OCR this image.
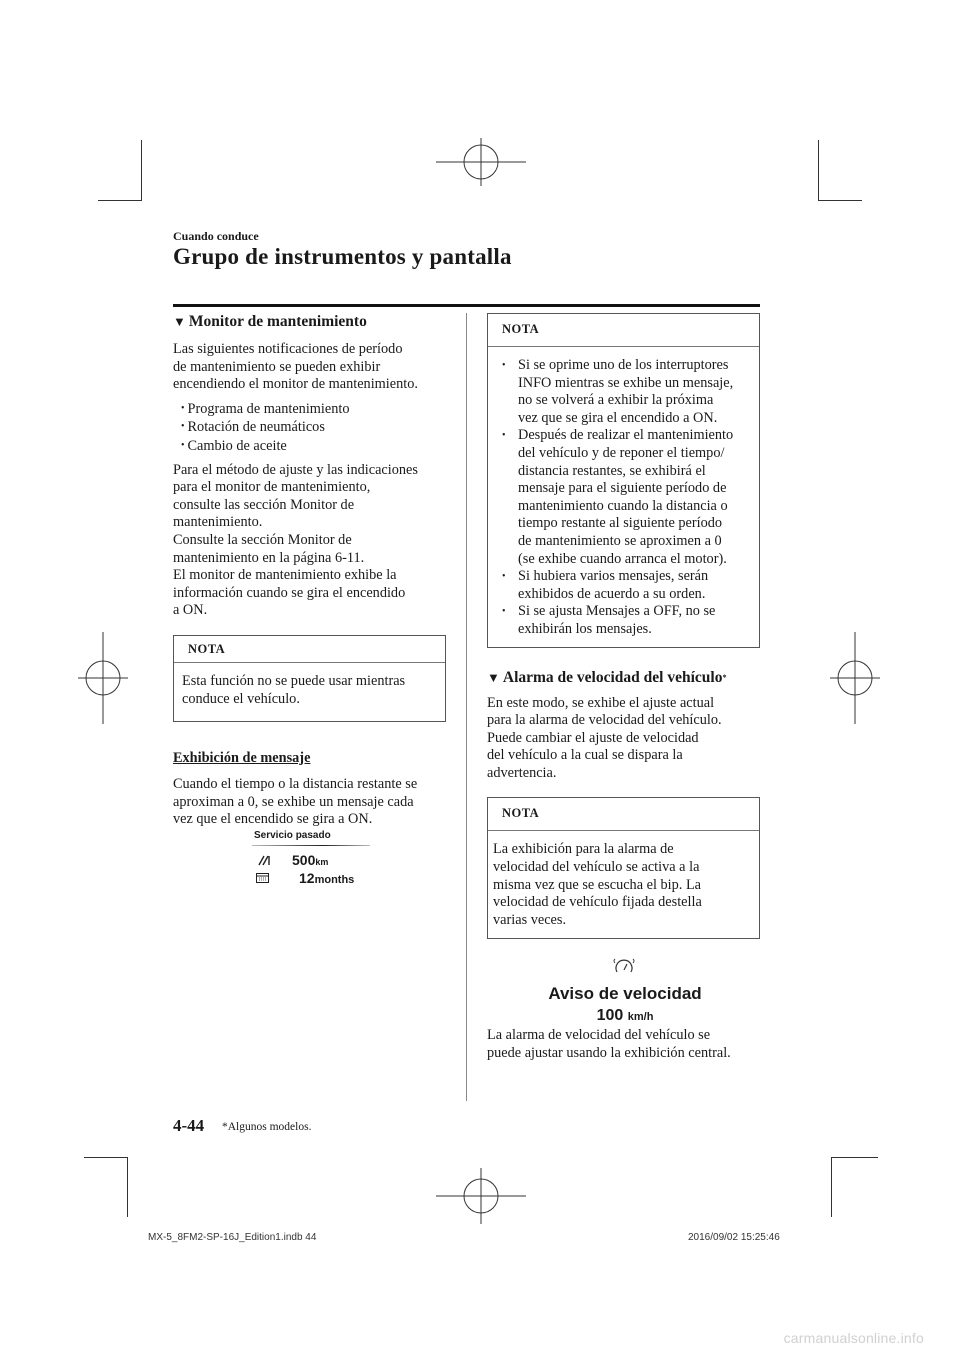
Cuando conduce
Grupo de instrumentos y pantalla
▼ Monitor de mantenimiento

Las siguientes notificaciones de período
de mantenimiento se pueden exhibir
encendiendo el monitor de mantenimiento.

• Programa de mantenimiento
• Rotación de neumáticos
• Cambio de aceite

Para el método de ajuste y las indicaciones
para el monitor de mantenimiento,
consulte las sección Monitor de
mantenimiento.
Consulte la sección Monitor de
mantenimiento en la página 6-11.
El monitor de mantenimiento exhibe la
información cuando se gira el encendido
a ON.

NOTA
Esta función no se puede usar mientras
conduce el vehículo.
Exhibición de mensaje

Cuando el tiempo o la distancia restante se
aproximan a 0, se exhibe un mensaje cada
vez que el encendido se gira a ON.

Servicio pasado
500km
12months
NOTA
• Si se oprime uno de los interruptores
INFO mientras se exhibe un mensaje,
no se volverá a exhibir la próxima
vez que se gira el encendido a ON.
• Después de realizar el mantenimiento
del vehículo y de reponer el tiempo/
distancia restantes, se exhibirá el
mensaje para el siguiente período de
mantenimiento cuando la distancia o
tiempo restante al siguiente período
de mantenimiento se aproximen a 0
(se exhibe cuando arranca el motor).
• Si hubiera varios mensajes, serán
exhibidos de acuerdo a su orden.
• Si se ajusta Mensajes a OFF, no se
exhibirán los mensajes.
▼ Alarma de velocidad del vehículo *

En este modo, se exhibe el ajuste actual
para la alarma de velocidad del vehículo.
Puede cambiar el ajuste de velocidad
del vehículo a la cual se dispara la
advertencia.

NOTA
La exhibición para la alarma de
velocidad del vehículo se activa a la
misma vez que se escucha el bip. La
velocidad de vehículo fijada destella
varias veces.
Aviso de velocidad
100 km/h

La alarma de velocidad del vehículo se
puede ajustar usando la exhibición central.

4-44 *Algunos modelos.
MX-5_8FM2-SP-16J_Edition1.indb 44	2016/09/02 15:25:46
carmanualsonline.info
